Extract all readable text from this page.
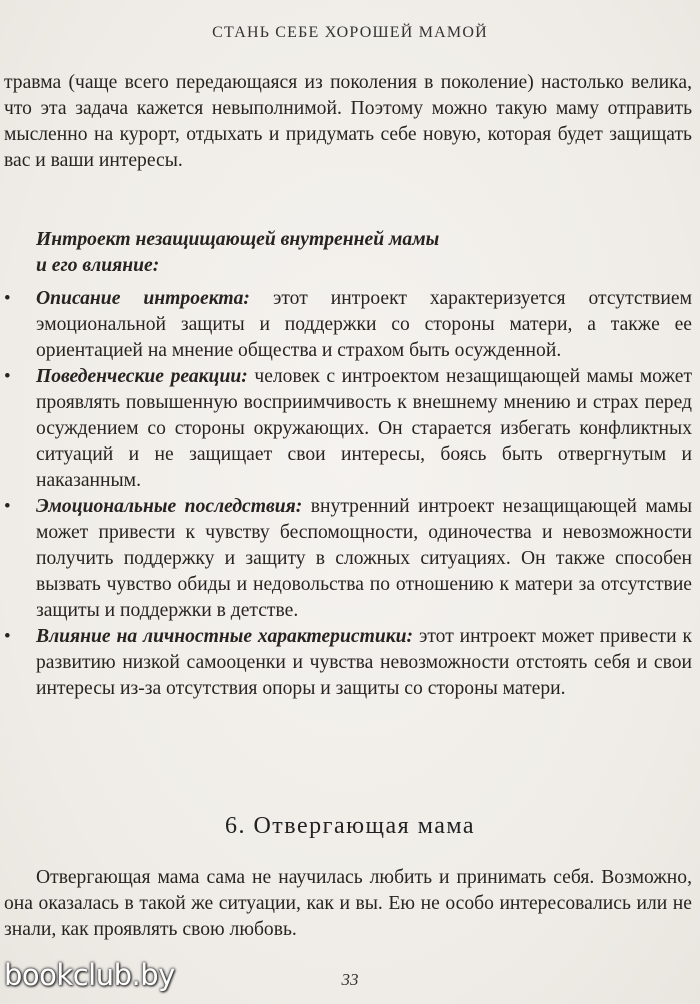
СТАНЬ СЕБЕ ХОРОШЕЙ МАМОЙ

травма (чаще всего передающаяся из поколения в поколение) настолько велика, что эта задача кажется невыполнимой. Поэтому можно такую маму отправить мысленно на курорт, отдыхать и придумать себе новую, которая будет защищать вас и ваши интересы.

Интроект незащищающей внутренней мамы
и его влияние:
• Описание интроекта: этот интроект характеризуется отсутствием эмоциональной защиты и поддержки со стороны матери, а также ее ориентацией на мнение общества и страхом быть осужденной.
• Поведенческие реакции: человек с интроектом незащищающей мамы может проявлять повышенную восприимчивость к внешнему мнению и страх перед осуждением со стороны окружающих. Он старается избегать конфликтных ситуаций и не защищает свои интересы, боясь быть отвергнутым и наказанным.
• Эмоциональные последствия: внутренний интроект незащищающей мамы может привести к чувству беспомощности, одиночества и невозможности получить поддержку и защиту в сложных ситуациях. Он также способен вызвать чувство обиды и недовольства по отношению к матери за отсутствие защиты и поддержки в детстве.
• Влияние на личностные характеристики: этот интроект может привести к развитию низкой самооценки и чувства невозможности отстоять себя и свои интересы из-за отсутствия опоры и защиты со стороны матери.
6. Отвергающая мама

Отвергающая мама сама не научилась любить и принимать себя. Возможно, она оказалась в такой же ситуации, как и вы. Ею не особо интересовались или не знали, как проявлять свою любовь.

33
bookclub.by
